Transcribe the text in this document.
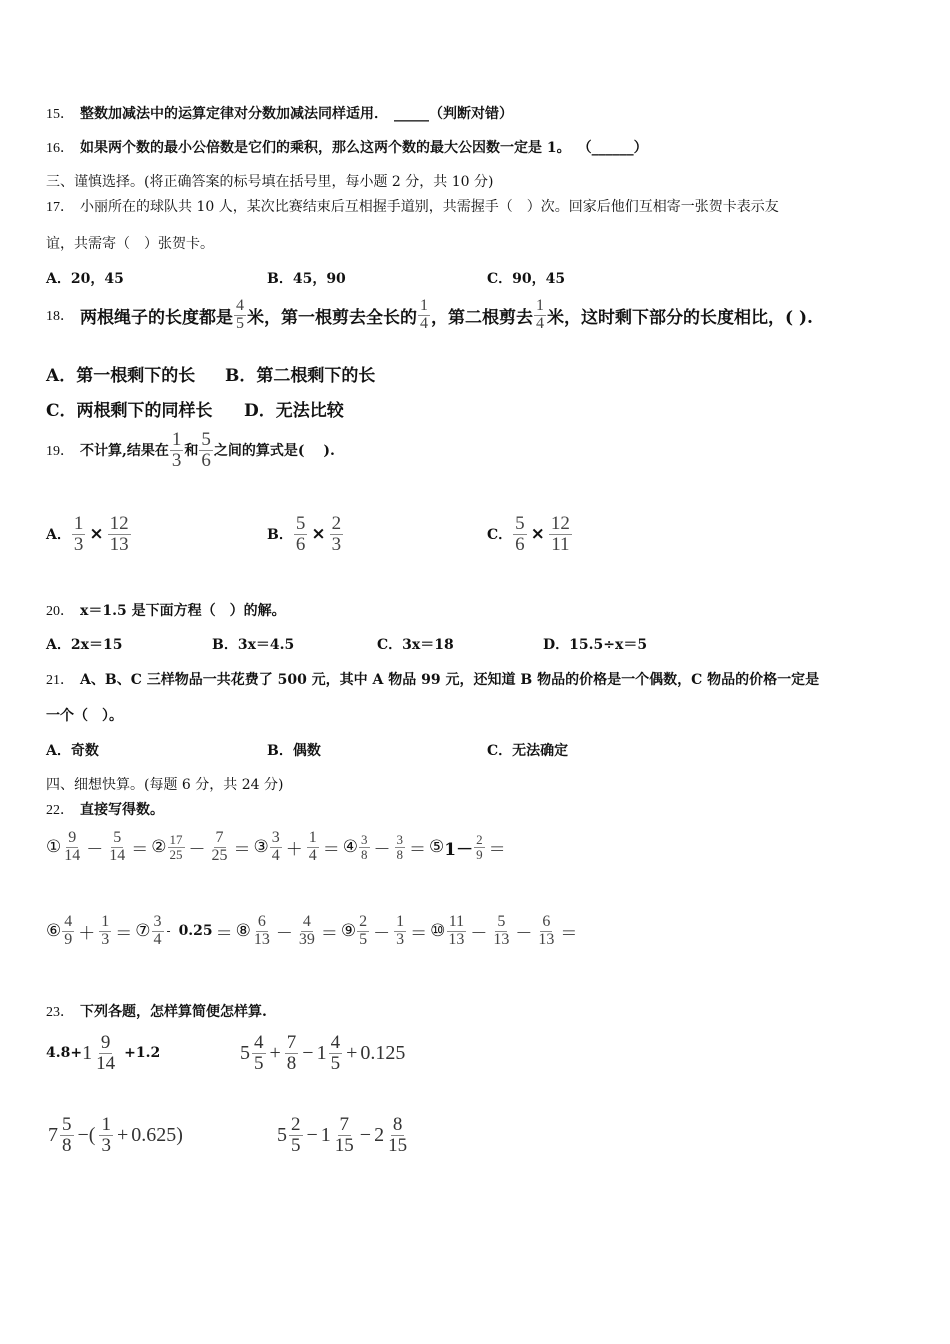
15． 整数加减法中的运算定律对分数加减法同样适用． _____（判断对错）
16． 如果两个数的最小公倍数是它们的乘积，那么这两个数的最大公因数一定是 1。 （______）
三、谨慎选择。(将正确答案的标号填在括号里，每小题 2 分，共 10 分)
17． 小丽所在的球队共 10 人，某次比赛结束后互相握手道别，共需握手（　）次。回家后他们互相寄一张贺卡表示友
谊，共需寄（　）张贺卡。
A．20，45	B．45，90	C．90，45
18． 两根绳子的长度都是 $\frac{4}{5}$ 米，第一根剪去全长的 $\frac{1}{4}$ ，第二根剪去 $\frac{1}{4}$ 米，这时剩下部分的长度相比，( ).
A．第一根剩下的长 B．第二根剩下的长
C．两根剩下的同样长 D．无法比较
19． 不计算,结果在 $\frac{1}{3}$ 和 $\frac{5}{6}$ 之间的算式是(　 ).
A． $\frac{1}{3} \times \frac{12}{13}$	B． $\frac{5}{6} \times \frac{2}{3}$	C． $\frac{5}{6} \times \frac{12}{11}$
20． x＝1.5 是下面方程（　）的解。
A．2x＝15	B．3x＝4.5	C．3x＝18	D．15.5÷x＝5
21． A、B、C 三样物品一共花费了 500 元，其中 A 物品 99 元，还知道 B 物品的价格是一个偶数，C 物品的价格一定是
一个（　）。
A．奇数	B．偶数	C．无法确定
四、细想快算。(每题 6 分，共 24 分)
22． 直接写得数。
① $\frac{9}{14} - \frac{5}{14}$ ＝ ② $\frac{17}{25} - \frac{7}{25}$ ＝ ③ $\frac{3}{4} + \frac{1}{4}$ ＝ ④ $\frac{3}{8} - \frac{3}{8}$ ＝ ⑤ $1- \frac{2}{9}$ ＝
⑥ $\frac{4}{9} + \frac{1}{3}$ ＝ ⑦ $\frac{3}{4} - 0.25$ ＝ ⑧ $\frac{6}{13} - \frac{4}{39}$ ＝ ⑨ $\frac{2}{5} - \frac{1}{3}$ ＝ ⑩ $\frac{11}{13} - \frac{5}{13} - \frac{6}{13}$ ＝
23． 下列各题，怎样算简便怎样算.
$4.8+ 1 \frac{9}{14} +1.2$	$5 \frac{4}{5} + \frac{7}{8} - 1 \frac{4}{5} + 0.125$
$7 \frac{5}{8}$ −( $\frac{1}{3} + 0.625$)	$5 \frac{2}{5} - 1 \frac{7}{15} - 2 \frac{8}{15}$
